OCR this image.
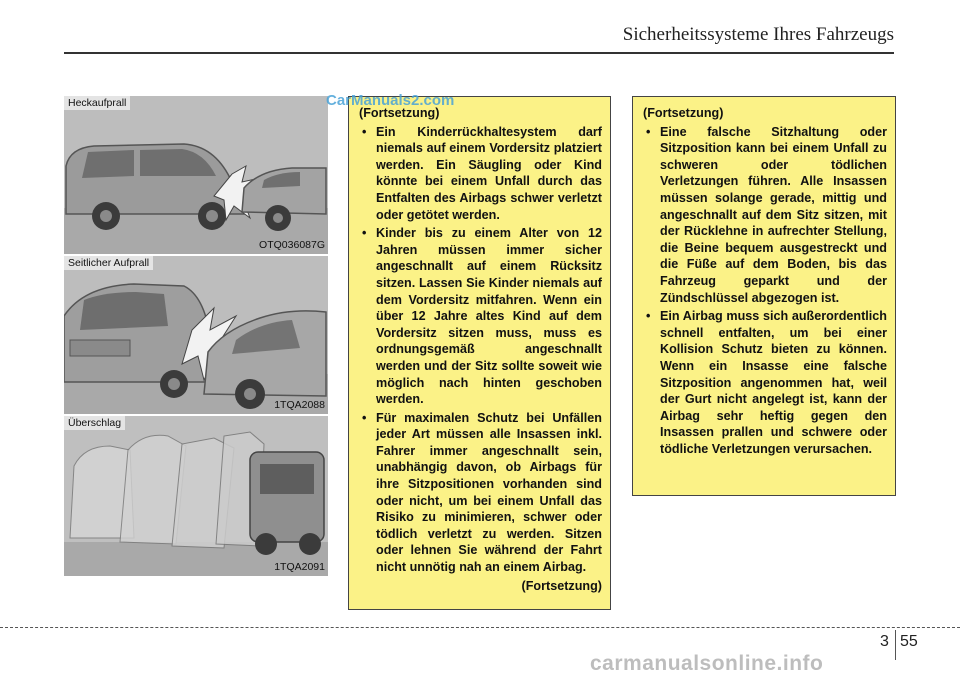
Sicherheitssysteme Ihres Fahrzeugs
Heckaufprall
OTQ036087G
Seitlicher Aufprall
1TQA2088
Überschlag
1TQA2091

(Fortsetzung)

• Ein Kinderrückhaltesystem darf niemals auf einem Vordersitz platziert werden. Ein Säugling oder Kind könnte bei einem Unfall durch das Entfalten des Airbags schwer verletzt oder getötet werden.
• Kinder bis zu einem Alter von 12 Jahren müssen immer sicher angeschnallt auf einem Rücksitz sitzen. Lassen Sie Kinder niemals auf dem Vordersitz mitfahren. Wenn ein über 12 Jahre altes Kind auf dem Vordersitz sitzen muss, muss es ordnungsgemäß angeschnallt werden und der Sitz sollte soweit wie möglich nach hinten geschoben werden.
• Für maximalen Schutz bei Unfällen jeder Art müssen alle Insassen inkl. Fahrer immer angeschnallt sein, unabhängig davon, ob Airbags für ihre Sitzpositionen vorhanden sind oder nicht, um bei einem Unfall das Risiko zu minimieren, schwer oder tödlich verletzt zu werden. Sitzen oder lehnen Sie während der Fahrt nicht unnötig nah an einem Airbag.

(Fortsetzung)

(Fortsetzung)

• Eine falsche Sitzhaltung oder Sitzposition kann bei einem Unfall zu schweren oder tödlichen Verletzungen führen. Alle Insassen müssen solange gerade, mittig und angeschnallt auf dem Sitz sitzen, mit der Rücklehne in aufrechter Stellung, die Beine bequem ausgestreckt und die Füße auf dem Boden, bis das Fahrzeug geparkt und der Zündschlüssel abgezogen ist.
• Ein Airbag muss sich außerordentlich schnell entfalten, um bei einer Kollision Schutz bieten zu können. Wenn ein Insasse eine falsche Sitzposition angenommen hat, weil der Gurt nicht angelegt ist, kann der Airbag sehr heftig gegen den Insassen prallen und schwere oder tödliche Verletzungen verursachen.
CarManuals2.com
3 55
carmanualsonline.info
